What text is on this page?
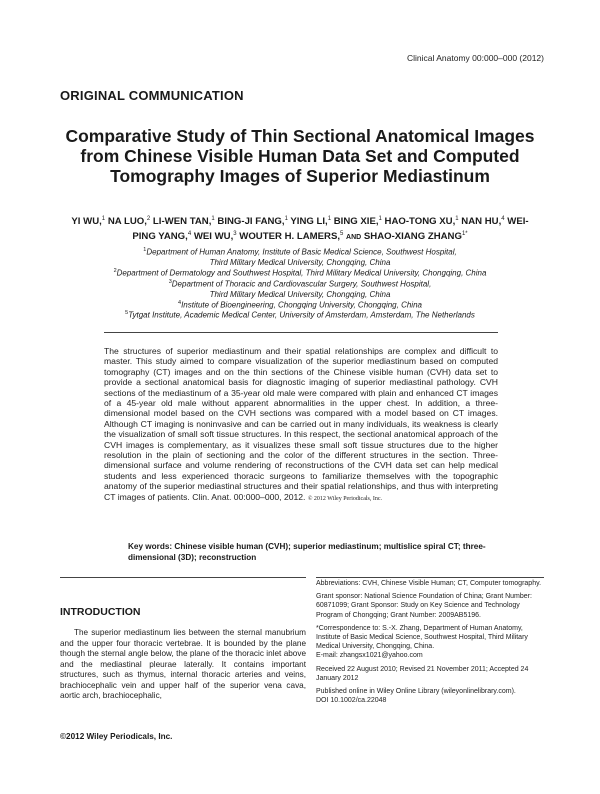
Clinical Anatomy 00:000–000 (2012)
ORIGINAL COMMUNICATION
Comparative Study of Thin Sectional Anatomical Images from Chinese Visible Human Data Set and Computed Tomography Images of Superior Mediastinum
YI WU,$^1$ NA LUO,$^2$ LI-WEN TAN,$^1$ BING-JI FANG,$^1$ YING LI,$^1$ BING XIE,$^1$ HAO-TONG XU,$^1$ NAN HU,$^4$ WEI-PING YANG,$^4$ WEI WU,$^3$ WOUTER H. LAMERS,$^5$ AND SHAO-XIANG $ZHANG^{1*}$
$^1$Department of Human Anatomy, Institute of Basic Medical Science, Southwest Hospital,
Third Military Medical University, Chongqing, China
$^2$Department of Dermatology and Southwest Hospital, Third Military Medical University, Chongqing, China
$^3$Department of Thoracic and Cardiovascular Surgery, Southwest Hospital,
Third Military Medical University, Chongqing, China
$^4$Institute of Bioengineering, Chongqing University, Chongqing, China
$^5$Tytgat Institute, Academic Medical Center, University of Amsterdam, Amsterdam, The Netherlands
The structures of superior mediastinum and their spatial relationships are complex and difficult to master. This study aimed to compare visualization of the superior mediastinum based on computed tomography (CT) images and on the thin sections of the Chinese visible human (CVH) data set to provide a sectional anatomical basis for diagnostic imaging of superior mediastinal pathology. CVH sections of the mediastinum of a 35-year old male were compared with plain and enhanced CT images of a 45-year old male without apparent abnormalities in the upper chest. In addition, a three-dimensional model based on the CVH sections was compared with a model based on CT images. Although CT imaging is noninvasive and can be carried out in many individuals, its weakness is clearly the visualization of small soft tissue structures. In this respect, the sectional anatomical approach of the CVH images is complementary, as it visualizes these small soft tissue structures due to the higher resolution in the plain of sectioning and the color of the different structures in the section. Three-dimensional surface and volume rendering of reconstructions of the CVH data set can help medical students and less experienced thoracic surgeons to familiarize themselves with the topographic anatomy of the superior mediastinal structures and their spatial relationships, and thus with interpreting CT images of patients. Clin. Anat. 00:000–000, 2012. © 2012 Wiley Periodicals, Inc.
Key words: Chinese visible human (CVH); superior mediastinum; multislice spiral CT; three-dimensional (3D); reconstruction
INTRODUCTION
The superior mediastinum lies between the sternal manubrium and the upper four thoracic vertebrae. It is bounded by the plane though the sternal angle below, the plane of the thoracic inlet above and the mediastinal pleurae laterally. It contains important structures, such as thymus, internal thoracic arteries and veins, brachiocephalic vein and upper half of the superior vena cava, aortic arch, brachiocephalic,

Abbreviations: CVH, Chinese Visible Human; CT, Computer tomography.

Grant sponsor: National Science Foundation of China; Grant Number: 60871099; Grant Sponsor: Study on Key Science and Technology Program of Chongqing; Grant Number: 2009AB5196.

*Correspondence to: S.-X. Zhang, Department of Human Anatomy, Institute of Basic Medical Science, Southwest Hospital, Third Military Medical University, Chongqing, China.

E-mail: zhangsx1021@yahoo.com

Received 22 August 2010; Revised 21 November 2011; Accepted 24 January 2012

Published online in Wiley Online Library (wileyonlinelibrary.com).

DOI 10.1002/ca.22048

©2012 Wiley Periodicals, Inc.
